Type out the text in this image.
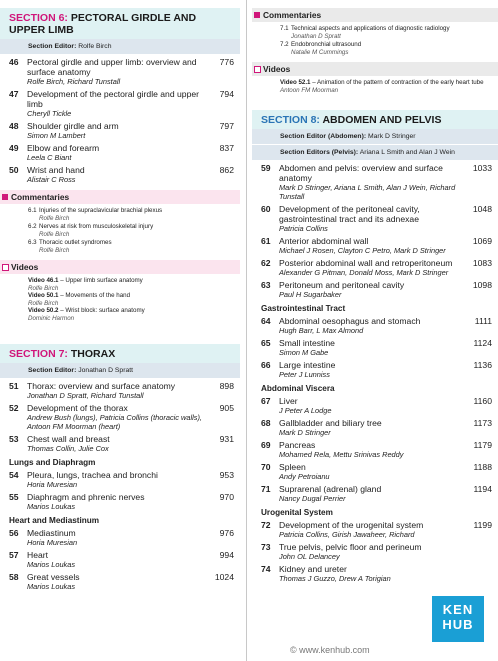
SECTION 6: PECTORAL GIRDLE AND UPPER LIMB
Section Editor: Rolfe Birch
46 Pectoral girdle and upper limb: overview and surface anatomy
Rolfe Birch, Richard Tunstall
776
47 Development of the pectoral girdle and upper limb
Cheryll Tickle
794
48 Shoulder girdle and arm
Simon M Lambert
797
49 Elbow and forearm
Leela C Biant
837
50 Wrist and hand
Alistair C Ross
862
Commentaries
6.1 Injuries of the supraclavicular brachial plexus
Rolfe Birch
6.2 Nerves at risk from musculoskeletal injury
Rolfe Birch
6.3 Thoracic outlet syndromes
Rolfe Birch
Videos
Video 46.1 – Upper limb surface anatomy
Rolfe Birch
Video 50.1 – Movements of the hand
Rolfe Birch
Video 50.2 – Wrist block: surface anatomy
Dominic Harmon
SECTION 7: THORAX
Section Editor: Jonathan D Spratt
51 Thorax: overview and surface anatomy
Jonathan D Spratt, Richard Tunstall
898
52 Development of the thorax
Andrew Bush (lungs), Patricia Collins (thoracic walls), Antoon FM Moorman (heart)
905
53 Chest wall and breast
Thomas Collin, Julie Cox
931
Lungs and Diaphragm
54 Pleura, lungs, trachea and bronchi
Horia Muresian
953
55 Diaphragm and phrenic nerves
Marios Loukas
970
Heart and Mediastinum
56 Mediastinum
Horia Muresian
976
57 Heart
Marios Loukas
994
58 Great vessels
Marios Loukas
1024
Commentaries
7.1 Technical aspects and applications of diagnostic radiology
Jonathan D Spratt
7.2 Endobronchial ultrasound
Natalie M Cummings
Videos
Video 52.1 – Animation of the pattern of contraction of the early heart tube
Antoon FM Moorman
SECTION 8: ABDOMEN AND PELVIS
Section Editor (Abdomen): Mark D Stringer
Section Editors (Pelvis): Ariana L Smith and Alan J Wein
59 Abdomen and pelvis: overview and surface anatomy
Mark D Stringer, Ariana L Smith, Alan J Wein, Richard Tunstall
1033
60 Development of the peritoneal cavity, gastrointestinal tract and its adnexae
Patricia Collins
1048
61 Anterior abdominal wall
Michael J Rosen, Clayton C Petro, Mark D Stringer
1069
62 Posterior abdominal wall and retroperitoneum
Alexander G Pitman, Donald Moss, Mark D Stringer
1083
63 Peritoneum and peritoneal cavity
Paul H Sugarbaker
1098
Gastrointestinal Tract
64 Abdominal oesophagus and stomach
Hugh Barr, L Max Almond
1111
65 Small intestine
Simon M Gabe
1124
66 Large intestine
Peter J Lunniss
1136
Abdominal Viscera
67 Liver
J Peter A Lodge
1160
68 Gallbladder and biliary tree
Mark D Stringer
1173
69 Pancreas
Mohamed Rela, Mettu Srinivas Reddy
1179
70 Spleen
Andy Petroianu
1188
71 Suprarenal (adrenal) gland
Nancy Dugal Perrier
1194
Urogenital System
72 Development of the urogenital system
Patricia Collins, Girish Jawaheer, Richard
1199
73 True pelvis, pelvic floor and perineum
John OL Delancey
74 Kidney and ureter
Thomas J Guzzo, Drew A Torigian
KEN
HUB
© www.kenhub.com
